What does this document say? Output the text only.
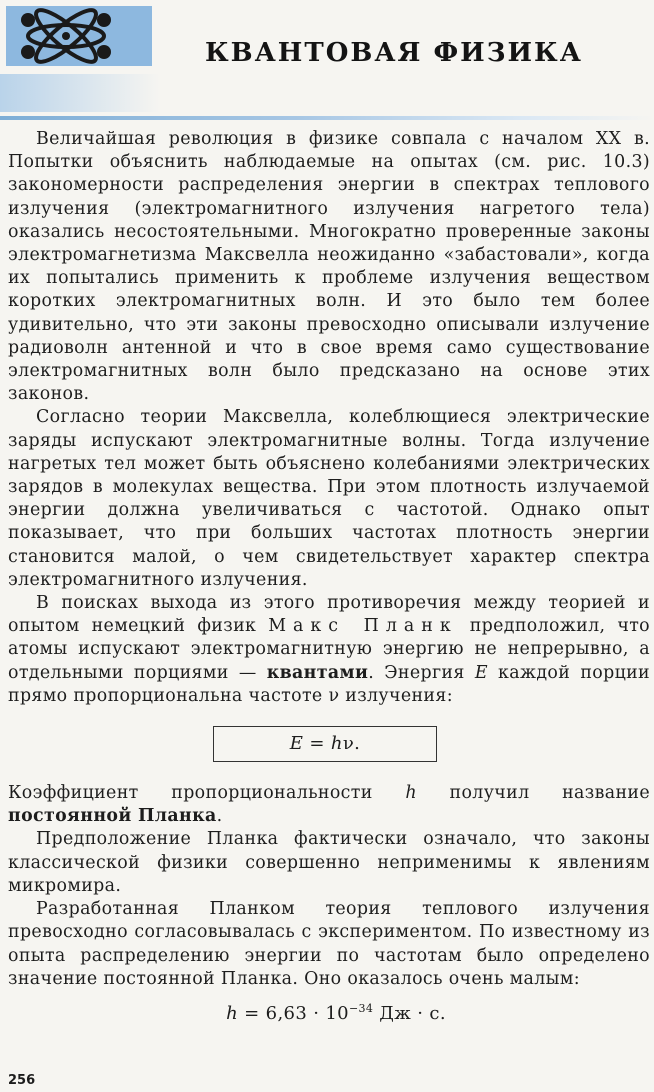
КВАНТОВАЯ ФИЗИКА

Величайшая революция в физике совпала с началом XX в. Попытки объяснить наблюдаемые на опытах (см. рис. 10.3) закономерности распределения энергии в спектрах теплового излучения (электромагнитного излучения нагретого тела) оказались несостоятельными. Многократно проверенные законы электромагнетизма Максвелла неожиданно «забастовали», когда их попытались применить к проблеме излучения веществом коротких электромагнитных волн. И это было тем более удивительно, что эти законы превосходно описывали излучение радиоволн антенной и что в свое время само существование электромагнитных волн было предсказано на основе этих законов.

Согласно теории Максвелла, колеблющиеся электрические заряды испускают электромагнитные волны. Тогда излучение нагретых тел может быть объяснено колебаниями электрических зарядов в молекулах вещества. При этом плотность излучаемой энергии должна увеличиваться с частотой. Однако опыт показывает, что при больших частотах плотность энергии становится малой, о чем свидетельствует характер спектра электромагнитного излучения.

В поисках выхода из этого противоречия между теорией и опытом немецкий физик Макс Планк предположил, что атомы испускают электромагнитную энергию не непрерывно, а отдельными порциями — квантами. Энергия E каждой порции прямо пропорциональна частоте ν излучения:

E = hν.

Коэффициент пропорциональности h получил название постоянной Планка.

Предположение Планка фактически означало, что законы классической физики совершенно неприменимы к явлениям микромира.

Разработанная Планком теория теплового излучения превосходно согласовывалась с экспериментом. По известному из опыта распределению энергии по частотам было определено значение постоянной Планка. Оно оказалось очень малым:

$h = 6,63 \cdot 10^{-34}$ Дж · с.
256
